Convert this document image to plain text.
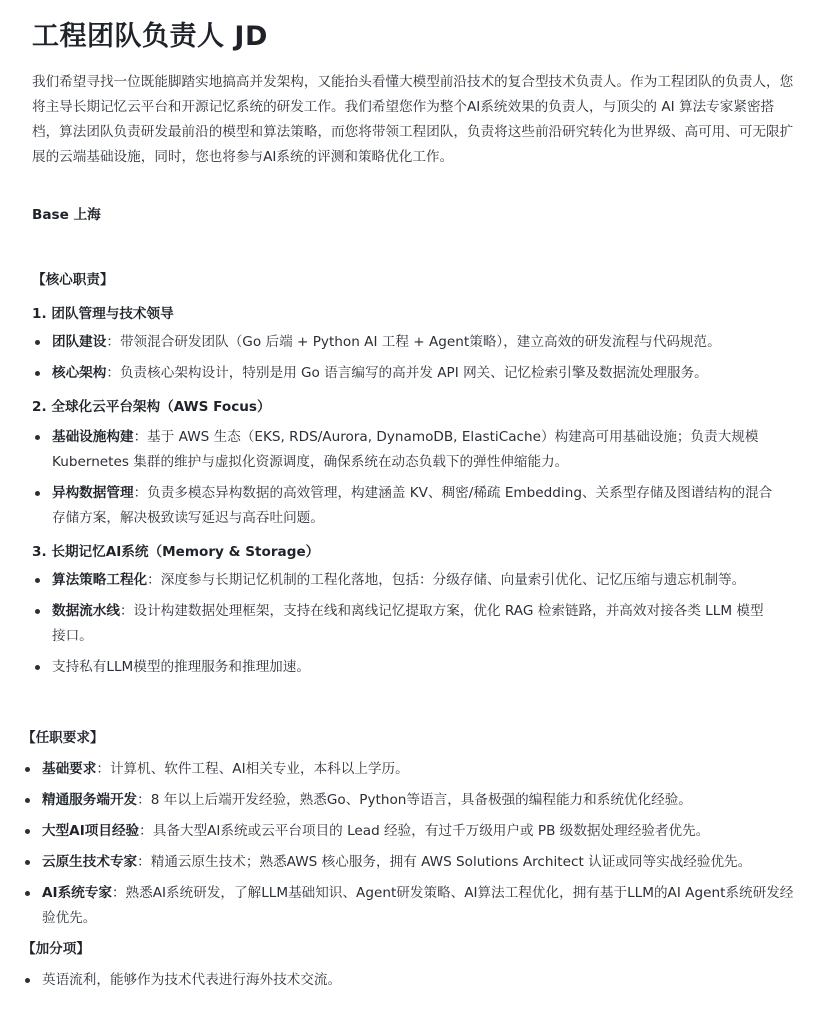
工程团队负责人 JD
我们希望寻找一位既能脚踏实地搞高并发架构，又能抬头看懂大模型前沿技术的复合型技术负责人。作为工程团队的负责人，您将主导长期记忆云平台和开源记忆系统的研发工作。我们希望您作为整个AI系统效果的负责人，与顶尖的 AI 算法专家紧密搭档，算法团队负责研发最前沿的模型和算法策略，而您将带领工程团队，负责将这些前沿研究转化为世界级、高可用、可无限扩展的云端基础设施，同时，您也将参与AI系统的评测和策略优化工作。
Base 上海
【核心职责】
1. 团队管理与技术领导
团队建设：带领混合研发团队（Go 后端 + Python AI 工程 + Agent策略），建立高效的研发流程与代码规范。
核心架构：负责核心架构设计，特别是用 Go 语言编写的高并发 API 网关、记忆检索引擎及数据流处理服务。
2. 全球化云平台架构（AWS Focus）
基础设施构建：基于 AWS 生态（EKS, RDS/Aurora, DynamoDB, ElastiCache）构建高可用基础设施；负责大规模 Kubernetes 集群的维护与虚拟化资源调度，确保系统在动态负载下的弹性伸缩能力。
异构数据管理：负责多模态异构数据的高效管理，构建涵盖 KV、稠密/稀疏 Embedding、关系型存储及图谱结构的混合存储方案，解决极致读写延迟与高吞吐问题。
3. 长期记忆AI系统（Memory & Storage）
算法策略工程化：深度参与长期记忆机制的工程化落地，包括：分级存储、向量索引优化、记忆压缩与遗忘机制等。
数据流水线：设计构建数据处理框架，支持在线和离线记忆提取方案，优化 RAG 检索链路，并高效对接各类 LLM 模型接口。
支持私有LLM模型的推理服务和推理加速。
【任职要求】
基础要求：计算机、软件工程、AI相关专业，本科以上学历。
精通服务端开发：8 年以上后端开发经验，熟悉Go、Python等语言，具备极强的编程能力和系统优化经验。
大型AI项目经验：具备大型AI系统或云平台项目的 Lead 经验，有过千万级用户或 PB 级数据处理经验者优先。
云原生技术专家：精通云原生技术；熟悉AWS 核心服务，拥有 AWS Solutions Architect 认证或同等实战经验优先。
AI系统专家：熟悉AI系统研发，了解LLM基础知识、Agent研发策略、AI算法工程优化，拥有基于LLM的AI Agent系统研发经验优先。
【加分项】
英语流利，能够作为技术代表进行海外技术交流。
